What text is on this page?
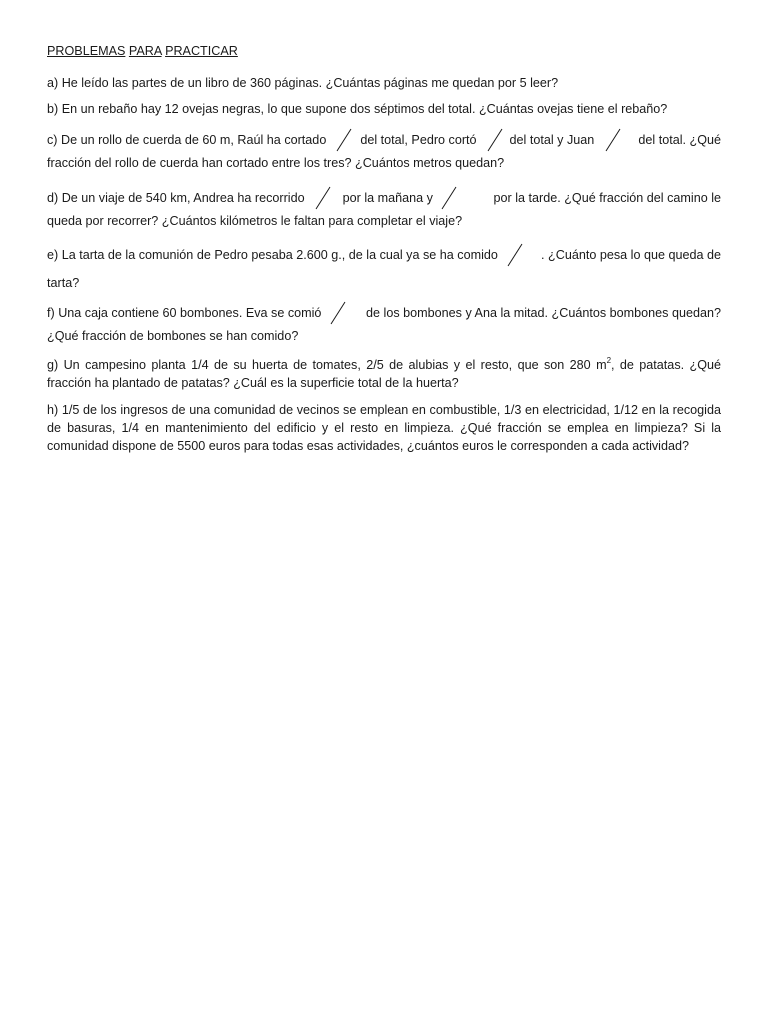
PROBLEMAS PARA PRACTICAR

a) He leído las partes de un libro de 360 páginas. ¿Cuántas páginas me quedan por 5 leer?

b) En un rebaño hay 12 ovejas negras, lo que supone dos séptimos del total. ¿Cuántas ovejas tiene el rebaño?

c) De un rollo de cuerda de 60 m, Raúl ha cortado	del total, Pedro cortó	del total y Juan	del total. ¿Qué
fracción del rollo de cuerda han cortado entre los tres? ¿Cuántos metros quedan?
d) De un viaje de 540 km, Andrea ha recorrido	por la mañana y	por la tarde. ¿Qué fracción del camino le
queda por recorrer? ¿Cuántos kilómetros le faltan para completar el viaje?
e) La tarta de la comunión de Pedro pesaba 2.600 g., de la cual ya se ha comido	. ¿Cuánto pesa lo que queda de
tarta?
f) Una caja contiene 60 bombones. Eva se comió	de los bombones y Ana la mitad. ¿Cuántos bombones quedan?
¿Qué fracción de bombones se han comido?

g) Un campesino planta 1/4 de su huerta de tomates, 2/5 de alubias y el resto, que son 280 $m^2$, de patatas. ¿Qué fracción ha plantado de patatas? ¿Cuál es la superficie total de la huerta?

h) 1/5 de los ingresos de una comunidad de vecinos se emplean en combustible, 1/3 en electricidad, 1/12 en la recogida de basuras, 1/4 en mantenimiento del edificio y el resto en limpieza. ¿Qué fracción se emplea en limpieza? Si la comunidad dispone de 5500 euros para todas esas actividades, ¿cuántos euros le corresponden a cada actividad?
